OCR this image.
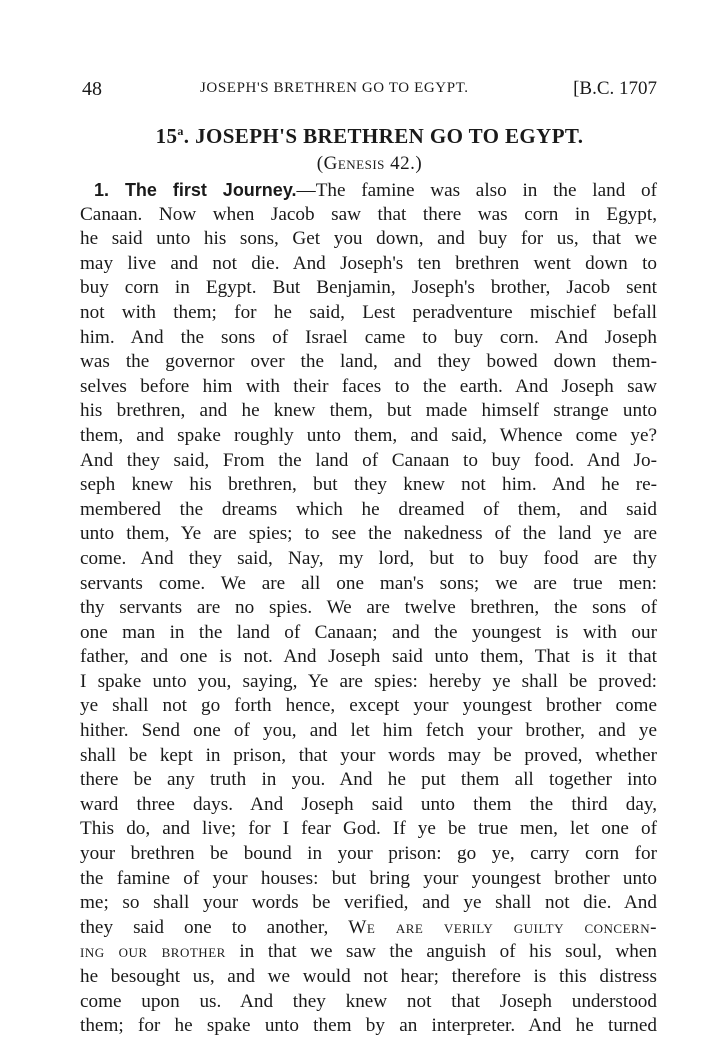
48	JOSEPH'S BRETHREN GO TO EGYPT.	[B.C. 1707
15$^a$. JOSEPH'S BRETHREN GO TO EGYPT.
(Genesis 42.)
1. The first Journey.—The famine was also in the land of
Canaan. Now when Jacob saw that there was corn in Egypt,
he said unto his sons, Get you down, and buy for us, that we
may live and not die. And Joseph's ten brethren went down to
buy corn in Egypt. But Benjamin, Joseph's brother, Jacob sent
not with them; for he said, Lest peradventure mischief befall
him. And the sons of Israel came to buy corn. And Joseph
was the governor over the land, and they bowed down them-
selves before him with their faces to the earth. And Joseph saw
his brethren, and he knew them, but made himself strange unto
them, and spake roughly unto them, and said, Whence come ye?
And they said, From the land of Canaan to buy food. And Jo-
seph knew his brethren, but they knew not him. And he re-
membered the dreams which he dreamed of them, and said
unto them, Ye are spies; to see the nakedness of the land ye are
come. And they said, Nay, my lord, but to buy food are thy
servants come. We are all one man's sons; we are true men:
thy servants are no spies. We are twelve brethren, the sons of
one man in the land of Canaan; and the youngest is with our
father, and one is not. And Joseph said unto them, That is it that
I spake unto you, saying, Ye are spies: hereby ye shall be proved:
ye shall not go forth hence, except your youngest brother come
hither. Send one of you, and let him fetch your brother, and ye
shall be kept in prison, that your words may be proved, whether
there be any truth in you. And he put them all together into
ward three days. And Joseph said unto them the third day,
This do, and live; for I fear God. If ye be true men, let one of
your brethren be bound in your prison: go ye, carry corn for
the famine of your houses: but bring your youngest brother unto
me; so shall your words be verified, and ye shall not die. And
they said one to another, We are verily guilty concern-
ing our brother in that we saw the anguish of his soul, when
he besought us, and we would not hear; therefore is this distress
come upon us. And they knew not that Joseph understood
them; for he spake unto them by an interpreter. And he turned
